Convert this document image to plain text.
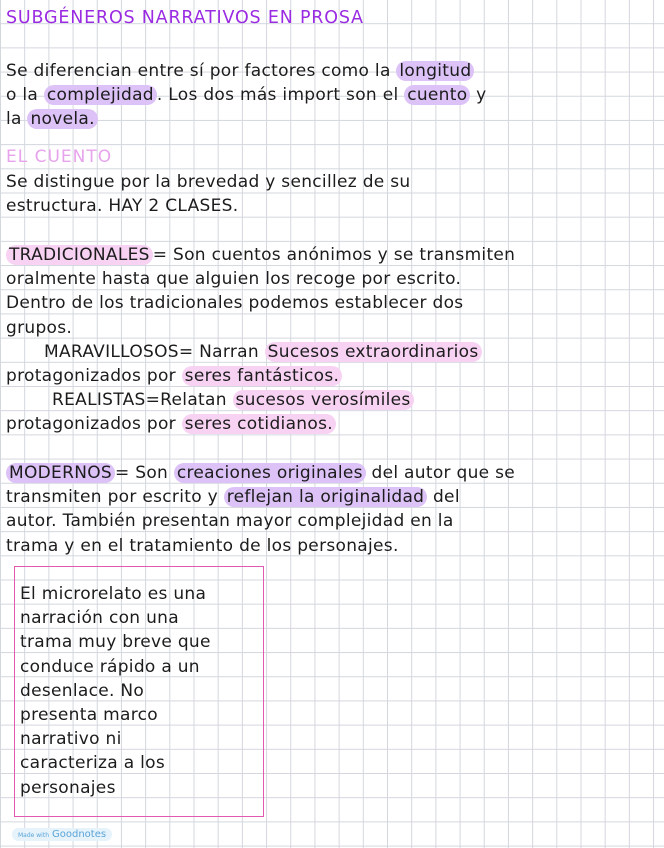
SUBGÉNEROS NARRATIVOS EN PROSA
Se diferencian entre sí por factores como la longitud
o la complejidad . Los dos más import son el cuento y
la novela.
EL CUENTO
Se distingue por la brevedad y sencillez de su
estructura. HAY 2 CLASES.
TRADICIONALES = Son cuentos anónimos y se transmiten
oralmente hasta que alguien los recoge por escrito.
Dentro de los tradicionales podemos establecer dos
grupos.
MARAVILLOSOS= Narran Sucesos extraordinarios
protagonizados por seres fantásticos.
REALISTAS=Relatan sucesos verosímiles
protagonizados por seres cotidianos.
MODERNOS = Son creaciones originales del autor que se
transmiten por escrito y reflejan la originalidad del
autor. También presentan mayor complejidad en la
trama y en el tratamiento de los personajes.
El microrelato es una
narración con una
trama muy breve que
conduce rápido a un
desenlace. No
presenta marco
narrativo ni
caracteriza a los
personajes
Made with Goodnotes
